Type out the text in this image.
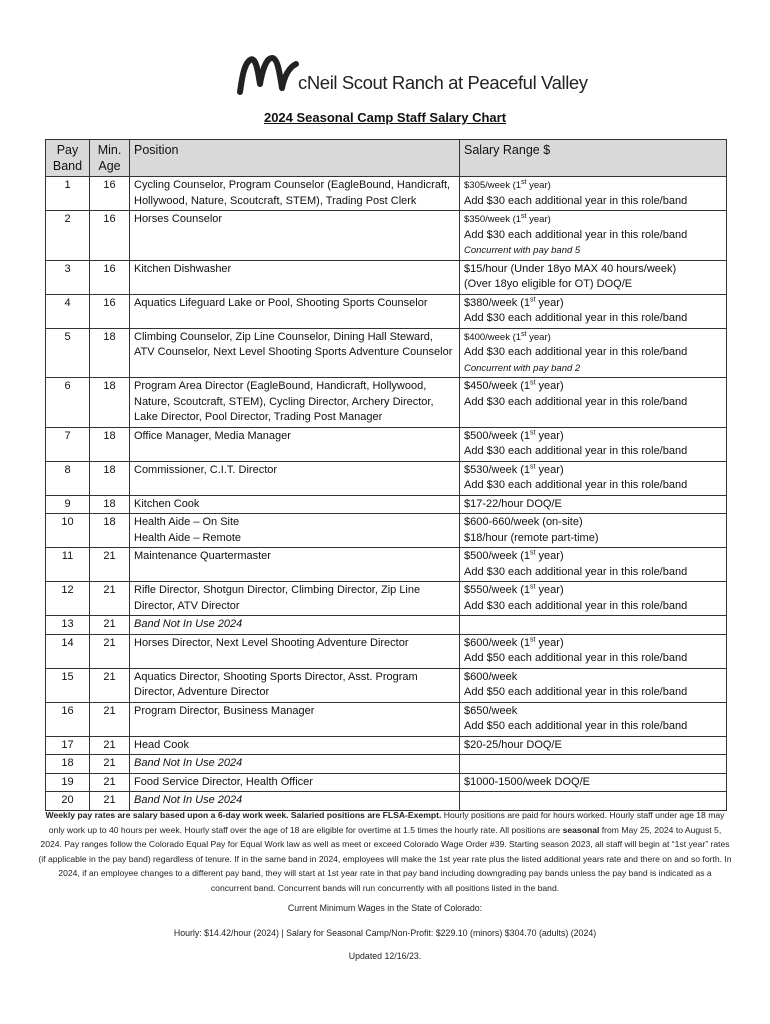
cNeil Scout Ranch at Peaceful Valley
2024 Seasonal Camp Staff Salary Chart
Pay Band	Min. Age	Position	Salary Range $
1	16	Cycling Counselor, Program Counselor (EagleBound, Handicraft, Hollywood, Nature, Scoutcraft, STEM), Trading Post Clerk	$305/week (1st year)
Add $30 each additional year in this role/band

2	16	Horses Counselor	$350/week (1st year)
Add $30 each additional year in this role/band
Concurrent with pay band 5

3	16	Kitchen Dishwasher	$15/hour (Under 18yo MAX 40 hours/week)
(Over 18yo eligible for OT) DOQ/E

4	16	Aquatics Lifeguard Lake or Pool, Shooting Sports Counselor	$380/week (1st year)
Add $30 each additional year in this role/band

5	18	Climbing Counselor, Zip Line Counselor, Dining Hall Steward, ATV Counselor, Next Level Shooting Sports Adventure Counselor	$400/week (1st year)
Add $30 each additional year in this role/band
Concurrent with pay band 2

6	18	Program Area Director (EagleBound, Handicraft, Hollywood, Nature, Scoutcraft, STEM), Cycling Director, Archery Director, Lake Director, Pool Director, Trading Post Manager	$450/week (1st year)
Add $30 each additional year in this role/band

7	18	Office Manager, Media Manager	$500/week (1st year)
Add $30 each additional year in this role/band

8	18	Commissioner, C.I.T. Director	$530/week (1st year)
Add $30 each additional year in this role/band

9	18	Kitchen Cook	$17-22/hour DOQ/E

10	18	Health Aide – On Site
Health Aide – Remote	$600-660/week (on-site)
$18/hour (remote part-time)

11	21	Maintenance Quartermaster	$500/week (1st year)
Add $30 each additional year in this role/band

12	21	Rifle Director, Shotgun Director, Climbing Director, Zip Line Director, ATV Director	$550/week (1st year)
Add $30 each additional year in this role/band

13	21	Band Not In Use 2024	

14	21	Horses Director, Next Level Shooting Adventure Director	$600/week (1st year)
Add $50 each additional year in this role/band

15	21	Aquatics Director, Shooting Sports Director, Asst. Program Director, Adventure Director	$600/week
Add $50 each additional year in this role/band

16	21	Program Director, Business Manager	$650/week
Add $50 each additional year in this role/band

17	21	Head Cook	$20-25/hour DOQ/E

18	21	Band Not In Use 2024	

19	21	Food Service Director, Health Officer	$1000-1500/week DOQ/E

20	21	Band Not In Use 2024	

Weekly pay rates are salary based upon a 6-day work week. Salaried positions are FLSA-Exempt. Hourly positions are paid for hours worked. Hourly staff under age 18 may only work up to 40 hours per week. Hourly staff over the age of 18 are eligible for overtime at 1.5 times the hourly rate. All positions are seasonal from May 25, 2024 to August 5, 2024. Pay ranges follow the Colorado Equal Pay for Equal Work law as well as meet or exceed Colorado Wage Order #39. Starting season 2023, all staff will begin at “1st year” rates (if applicable in the pay band) regardless of tenure. If in the same band in 2024, employees will make the 1st year rate plus the listed additional years rate and there on and so forth. In 2024, if an employee changes to a different pay band, they will start at 1st year rate in that pay band including downgrading pay bands unless the pay band is indicated as a concurrent band. Concurrent bands will run concurrently with all positions listed in the band.
Current Minimum Wages in the State of Colorado:
Hourly: $14.42/hour (2024) | Salary for Seasonal Camp/Non-Profit: $229.10 (minors) $304.70 (adults) (2024)
Updated 12/16/23.
